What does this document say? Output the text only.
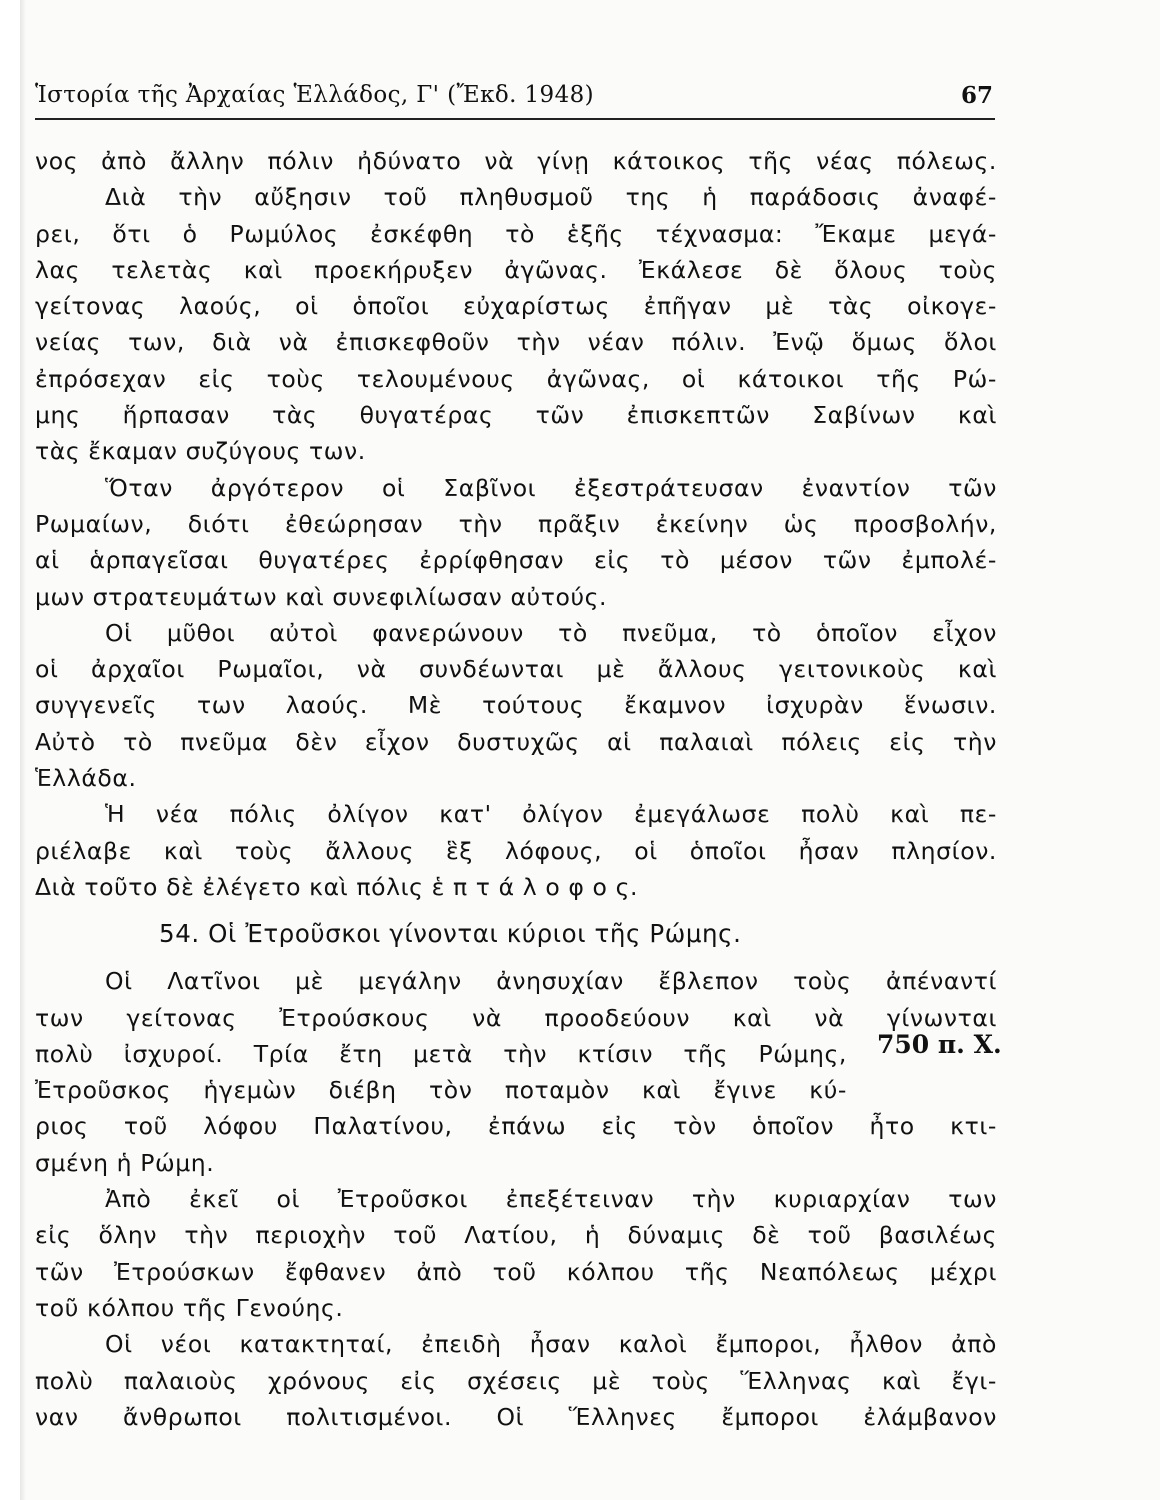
Ἱστορία τῆς Ἀρχαίας Ἑλλάδος, Γ' (Ἔκδ. 1948)	67
νος ἀπὸ ἄλλην πόλιν ἠδύνατο νὰ γίνῃ κάτοικος τῆς νέας πόλεως.
Διὰ τὴν αὔξησιν τοῦ πληθυσμοῦ της ἡ παράδοσις ἀναφέ-
ρει, ὅτι ὁ Ρωμύλος ἐσκέφθη τὸ ἑξῆς τέχνασμα: Ἔκαμε μεγά-
λας τελετὰς καὶ προεκήρυξεν ἀγῶνας. Ἐκάλεσε δὲ ὅλους τοὺς
γείτονας λαούς, οἱ ὁποῖοι εὐχαρίστως ἐπῆγαν μὲ τὰς οἰκογε-
νείας των, διὰ νὰ ἐπισκεφθοῦν τὴν νέαν πόλιν. Ἐνῷ ὅμως ὅλοι
ἐπρόσεχαν εἰς τοὺς τελουμένους ἀγῶνας, οἱ κάτοικοι τῆς Ρώ-
μης ἥρπασαν τὰς θυγατέρας τῶν ἐπισκεπτῶν Σαβίνων καὶ
τὰς ἔκαμαν συζύγους των.
Ὅταν ἀργότερον οἱ Σαβῖνοι ἐξεστράτευσαν ἐναντίον τῶν
Ρωμαίων, διότι ἐθεώρησαν τὴν πρᾶξιν ἐκείνην ὡς προσβολήν,
αἱ ἁρπαγεῖσαι θυγατέρες ἐρρίφθησαν εἰς τὸ μέσον τῶν ἐμπολέ-
μων στρατευμάτων καὶ συνεφιλίωσαν αὐτούς.
Οἱ μῦθοι αὐτοὶ φανερώνουν τὸ πνεῦμα, τὸ ὁποῖον εἶχον
οἱ ἀρχαῖοι Ρωμαῖοι, νὰ συνδέωνται μὲ ἄλλους γειτονικοὺς καὶ
συγγενεῖς των λαούς. Μὲ τούτους ἔκαμνον ἰσχυρὰν ἕνωσιν.
Αὐτὸ τὸ πνεῦμα δὲν εἶχον δυστυχῶς αἱ παλαιαὶ πόλεις εἰς τὴν
Ἑλλάδα.
Ἡ νέα πόλις ὀλίγον κατ' ὀλίγον ἐμεγάλωσε πολὺ καὶ πε-
ριέλαβε καὶ τοὺς ἄλλους ἓξ λόφους, οἱ ὁποῖοι ἦσαν πλησίον.
Διὰ τοῦτο δὲ ἐλέγετο καὶ πόλις ἑ π τ ά λ ο φ ο ς.
54. Οἱ Ἐτροῦσκοι γίνονται κύριοι τῆς Ρώμης.
Οἱ Λατῖνοι μὲ μεγάλην ἀνησυχίαν ἔβλεπον τοὺς ἀπέναντί
των γείτονας Ἐτρούσκους νὰ προοδεύουν καὶ νὰ γίνωνται
πολὺ ἰσχυροί. Τρία ἔτη μετὰ τὴν κτίσιν τῆς Ρώμης,
Ἐτροῦσκος ἡγεμὼν διέβη τὸν ποταμὸν καὶ ἔγινε κύ-
ριος τοῦ λόφου Παλατίνου, ἐπάνω εἰς τὸν ὁποῖον ἦτο κτι-
σμένη ἡ Ρώμη.
Ἀπὸ ἐκεῖ οἱ Ἐτροῦσκοι ἐπεξέτειναν τὴν κυριαρχίαν των
εἰς ὅλην τὴν περιοχὴν τοῦ Λατίου, ἡ δύναμις δὲ τοῦ βασιλέως
τῶν Ἐτρούσκων ἔφθανεν ἀπὸ τοῦ κόλπου τῆς Νεαπόλεως μέχρι
τοῦ κόλπου τῆς Γενούης.
Οἱ νέοι κατακτηταί, ἐπειδὴ ἦσαν καλοὶ ἔμποροι, ἦλθον ἀπὸ
πολὺ παλαιοὺς χρόνους εἰς σχέσεις μὲ τοὺς Ἕλληνας καὶ ἔγι-
ναν ἄνθρωποι πολιτισμένοι. Οἱ Ἕλληνες ἔμποροι ἐλάμβανον
750 π. Χ.
